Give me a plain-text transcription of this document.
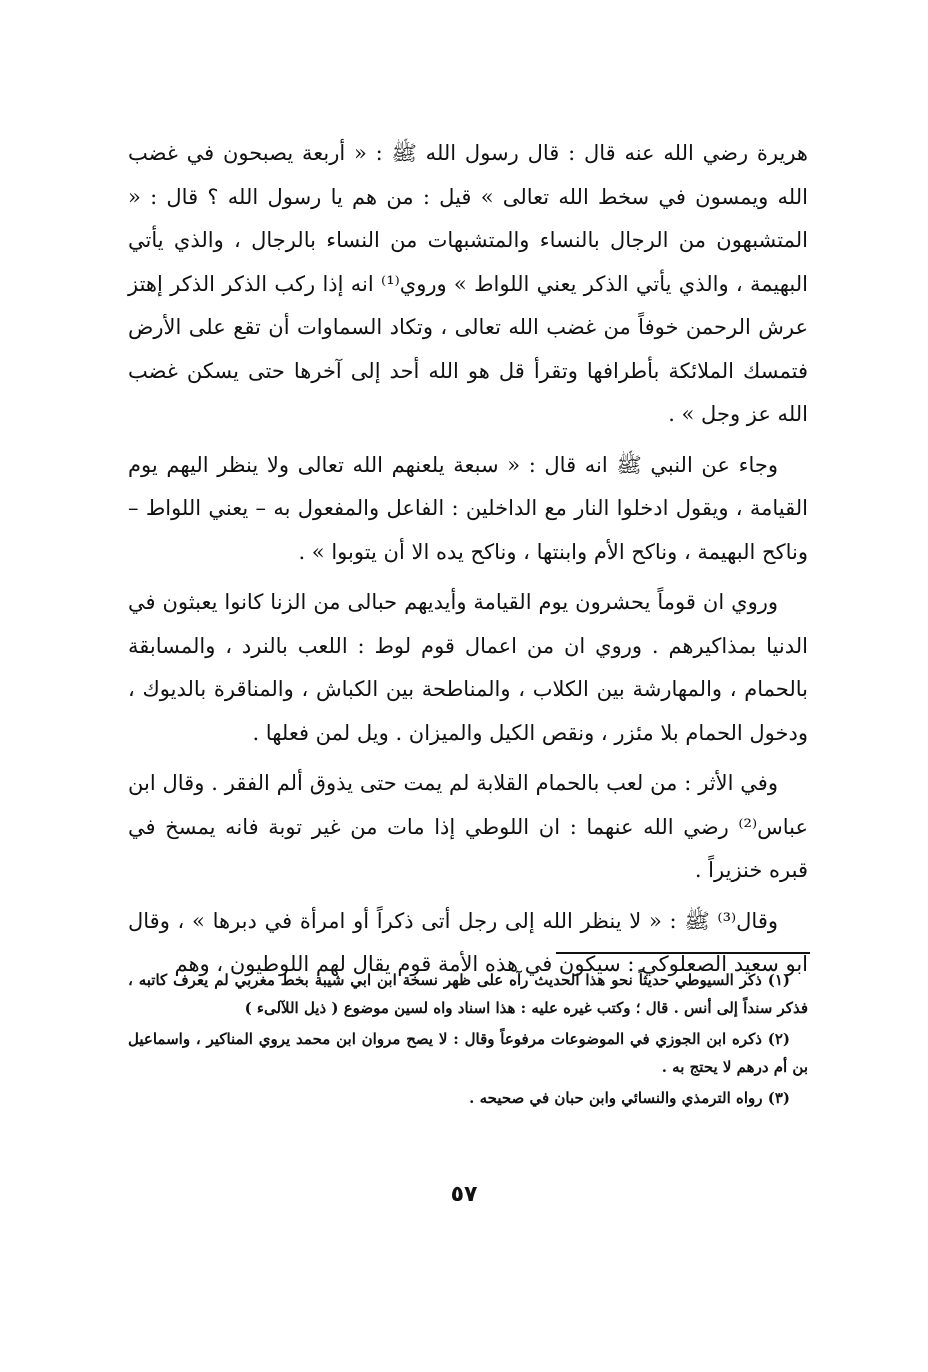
هريرة رضي الله عنه قال : قال رسول الله ﷺ : « أربعة يصبحون في غضب الله ويمسون في سخط الله تعالى » قيل : من هم يا رسول الله ؟ قال : « المتشبهون من الرجال بالنساء والمتشبهات من النساء بالرجال ، والذي يأتي البهيمة ، والذي يأتي الذكر يعني اللواط » وروي⁽¹⁾ انه إذا ركب الذكر الذكر إهتز عرش الرحمن خوفاً من غضب الله تعالى ، وتكاد السماوات أن تقع على الأرض فتمسك الملائكة بأطرافها وتقرأ قل هو الله أحد إلى آخرها حتى يسكن غضب الله عز وجل » .

وجاء عن النبي ﷺ انه قال : « سبعة يلعنهم الله تعالى ولا ينظر اليهم يوم القيامة ، ويقول ادخلوا النار مع الداخلين : الفاعل والمفعول به – يعني اللواط – وناكح البهيمة ، وناكح الأم وابنتها ، وناكح يده الا أن يتوبوا » .

وروي ان قوماً يحشرون يوم القيامة وأيديهم حبالى من الزنا كانوا يعبثون في الدنيا بمذاكيرهم . وروي ان من اعمال قوم لوط : اللعب بالنرد ، والمسابقة بالحمام ، والمهارشة بين الكلاب ، والمناطحة بين الكباش ، والمناقرة بالديوك ، ودخول الحمام بلا مئزر ، ونقص الكيل والميزان . ويل لمن فعلها .

وفي الأثر : من لعب بالحمام القلابة لم يمت حتى يذوق ألم الفقر . وقال ابن عباس⁽²⁾ رضي الله عنهما : ان اللوطي إذا مات من غير توبة فانه يمسخ في قبره خنزيراً .

وقال⁽³⁾ ﷺ : « لا ينظر الله إلى رجل أتى ذكراً أو امرأة في دبرها » ، وقال ابو سعيد الصعلوكي : سيكون في هذه الأمة قوم يقال لهم اللوطيون ، وهم

(١) ذكر السيوطي حديثاً نحو هذا الحديث رآه على ظهر نسخة ابن ابي شيبة بخط مغربي لم يعرف كاتبه ، فذكر سنداً إلى أنس . قال ؛ وكتب غيره عليه : هذا اسناد واه لسين موضوع ( ذيل اللآلىء )

(٢) ذكره ابن الجوزي في الموضوعات مرفوعاً وقال : لا يصح مروان ابن محمد يروي المناكير ، واسماعيل بن أم درهم لا يحتج به .

(٣) رواه الترمذي والنسائي وابن حبان في صحيحه .

٥٧
